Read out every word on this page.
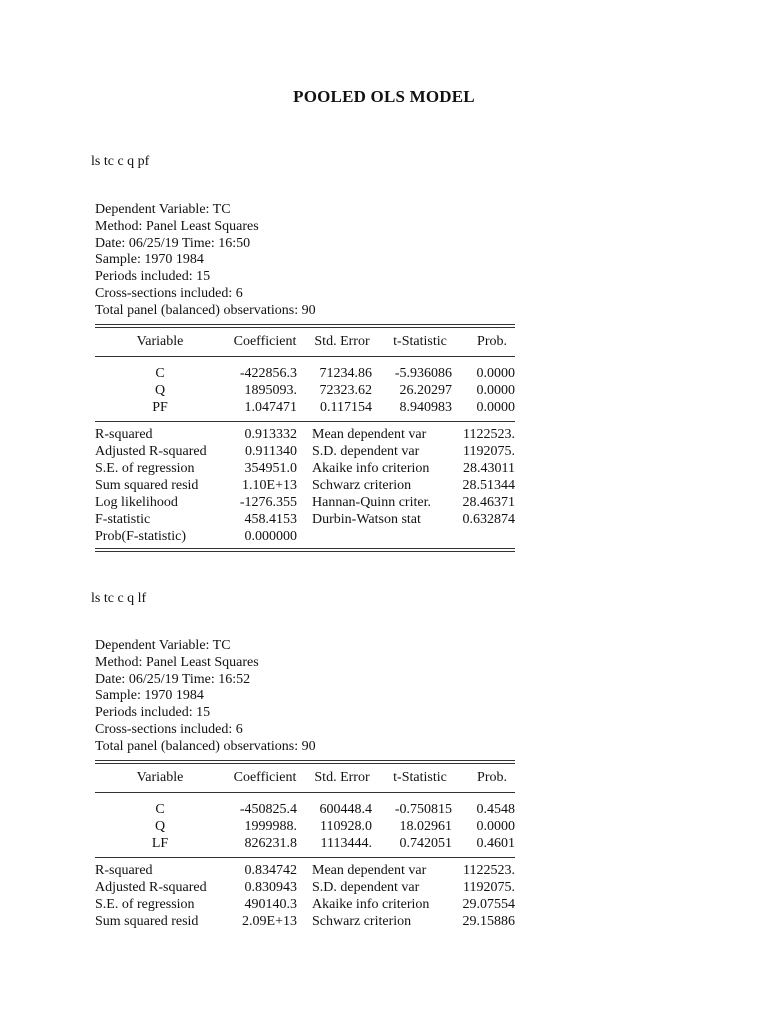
POOLED OLS MODEL
ls tc c q pf
Dependent Variable: TC
Method: Panel Least Squares
Date: 06/25/19 Time: 16:50
Sample: 1970 1984
Periods included: 15
Cross-sections included: 6
Total panel (balanced) observations: 90
Variable	Coefficient	Std. Error	t-Statistic	Prob.
C	-422856.3 71234.86 -5.936086 0.0000
Q	1895093. 72323.62 26.20297 0.0000
PF	1.047471 0.117154 8.940983 0.0000
R-squared	0.913332 Mean dependent var	1122523.
Adjusted R-squared	0.911340 S.D. dependent var	1192075.
S.E. of regression	354951.0 Akaike info criterion 28.43011
Sum squared resid	1.10E+13 Schwarz criterion	28.51344
Log likelihood	-1276.355 Hannan-Quinn criter. 28.46371
F-statistic	458.4153 Durbin-Watson stat	0.632874
Prob(F-statistic)	0.000000
ls tc c q lf
Dependent Variable: TC
Method: Panel Least Squares
Date: 06/25/19 Time: 16:52
Sample: 1970 1984
Periods included: 15
Cross-sections included: 6
Total panel (balanced) observations: 90
Variable	Coefficient	Std. Error	t-Statistic	Prob.
C	-450825.4 600448.4 -0.750815 0.4548
Q	1999988. 110928.0 18.02961 0.0000
LF	826231.8 1113444. 0.742051 0.4601
R-squared	0.834742 Mean dependent var	1122523.
Adjusted R-squared	0.830943 S.D. dependent var	1192075.
S.E. of regression	490140.3 Akaike info criterion 29.07554
Sum squared resid	2.09E+13 Schwarz criterion	29.15886
